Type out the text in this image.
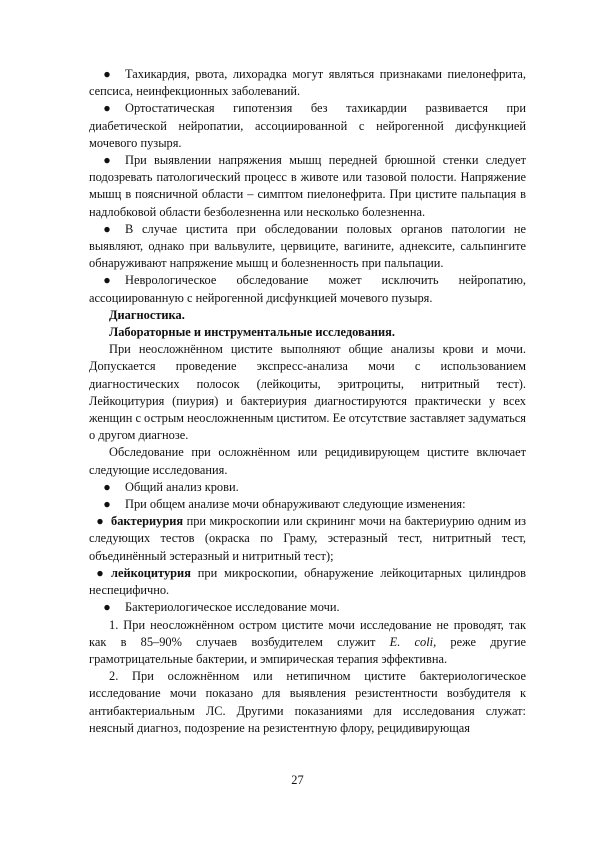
● Тахикардия, рвота, лихорадка могут являться признаками пиелонефрита, сепсиса, неинфекционных заболеваний.
● Ортостатическая гипотензия без тахикардии развивается при диабетической нейропатии, ассоциированной с нейрогенной дисфункцией мочевого пузыря.
● При выявлении напряжения мышц передней брюшной стенки следует подозревать патологический процесс в животе или тазовой полости. Напряжение мышц в поясничной области – симптом пиелонефрита. При цистите пальпация в надлобковой области безболезненна или несколько болезненна.
● В случае цистита при обследовании половых органов патологии не выявляют, однако при вальвулите, цервиците, вагините, аднексите, сальпингите обнаруживают напряжение мышц и болезненность при пальпации.
● Неврологическое обследование может исключить нейропатию, ассоциированную с нейрогенной дисфункцией мочевого пузыря.
Диагностика.
Лабораторные и инструментальные исследования.

При неосложнённом цистите выполняют общие анализы крови и мочи. Допускается проведение экспресс-анализа мочи с использованием диагностических полосок (лейкоциты, эритроциты, нитритный тест). Лейкоцитурия (пиурия) и бактериурия диагностируются практически у всех женщин с острым неосложненным циститом. Ее отсутствие заставляет задуматься о другом диагнозе.

Обследование при осложнённом или рецидивирующем цистите включает следующие исследования.

● Общий анализ крови.
● При общем анализе мочи обнаруживают следующие изменения:
● бактериурия при микроскопии или скрининг мочи на бактериурию одним из следующих тестов (окраска по Граму, эстеразный тест, нитритный тест, объединённый эстеразный и нитритный тест);
● лейкоцитурия при микроскопии, обнаружение лейкоцитарных цилиндров неспецифично.
● Бактериологическое исследование мочи.

1. При неосложнённом остром цистите мочи исследование не проводят, так как в 85–90% случаев возбудителем служит E. coli, реже другие грамотрицательные бактерии, и эмпирическая терапия эффективна.

2. При осложнённом или нетипичном цистите бактериологическое исследование мочи показано для выявления резистентности возбудителя к антибактериальным ЛС. Другими показаниями для исследования служат: неясный диагноз, подозрение на резистентную флору, рецидивирующая

27
